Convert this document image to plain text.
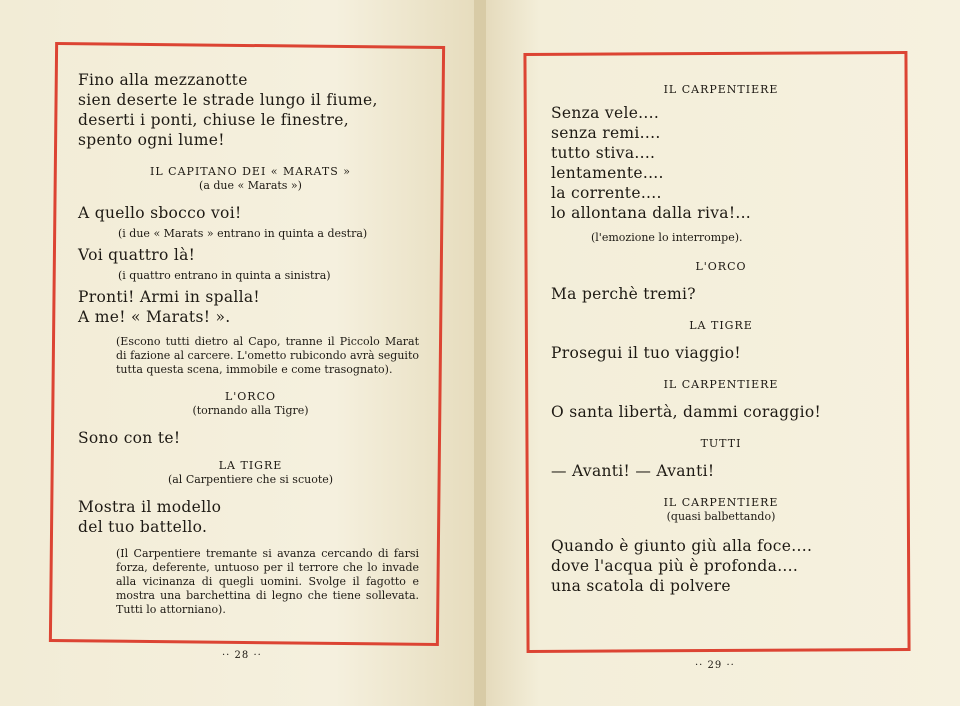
Fino alla mezzanotte
sien deserte le strade lungo il fiume,
deserti i ponti, chiuse le finestre,
spento ogni lume!
IL CAPITANO DEI « MARATS »
(a due « Marats »)
A quello sbocco voi!
(i due « Marats » entrano in quinta a destra)
Voi quattro là!
(i quattro entrano in quinta a sinistra)
Pronti! Armi in spalla!
A me! « Marats! ».
(Escono tutti dietro al Capo, tranne il Piccolo Marat di fazione al carcere. L'ometto rubicondo avrà seguito tutta questa scena, immobile e come trasognato).
L'ORCO
(tornando alla Tigre)
Sono con te!
LA TIGRE
(al Carpentiere che si scuote)
Mostra il modello
del tuo battello.
(Il Carpentiere tremante si avanza cercando di farsi forza, deferente, untuoso per il terrore che lo invade alla vicinanza di quegli uomini. Svolge il fagotto e mostra una barchettina di legno che tiene sollevata. Tutti lo attorniano).
·· 28 ··
IL CARPENTIERE
Senza vele....
senza remi....
tutto stiva....
lentamente....
la corrente....
lo allontana dalla riva!...
(l'emozione lo interrompe).
L'ORCO
Ma perchè tremi?
LA TIGRE
Prosegui il tuo viaggio!
IL CARPENTIERE
O santa libertà, dammi coraggio!
TUTTI
— Avanti! — Avanti!
IL CARPENTIERE
(quasi balbettando)
Quando è giunto giù alla foce....
dove l'acqua più è profonda....
una scatola di polvere
·· 29 ··
